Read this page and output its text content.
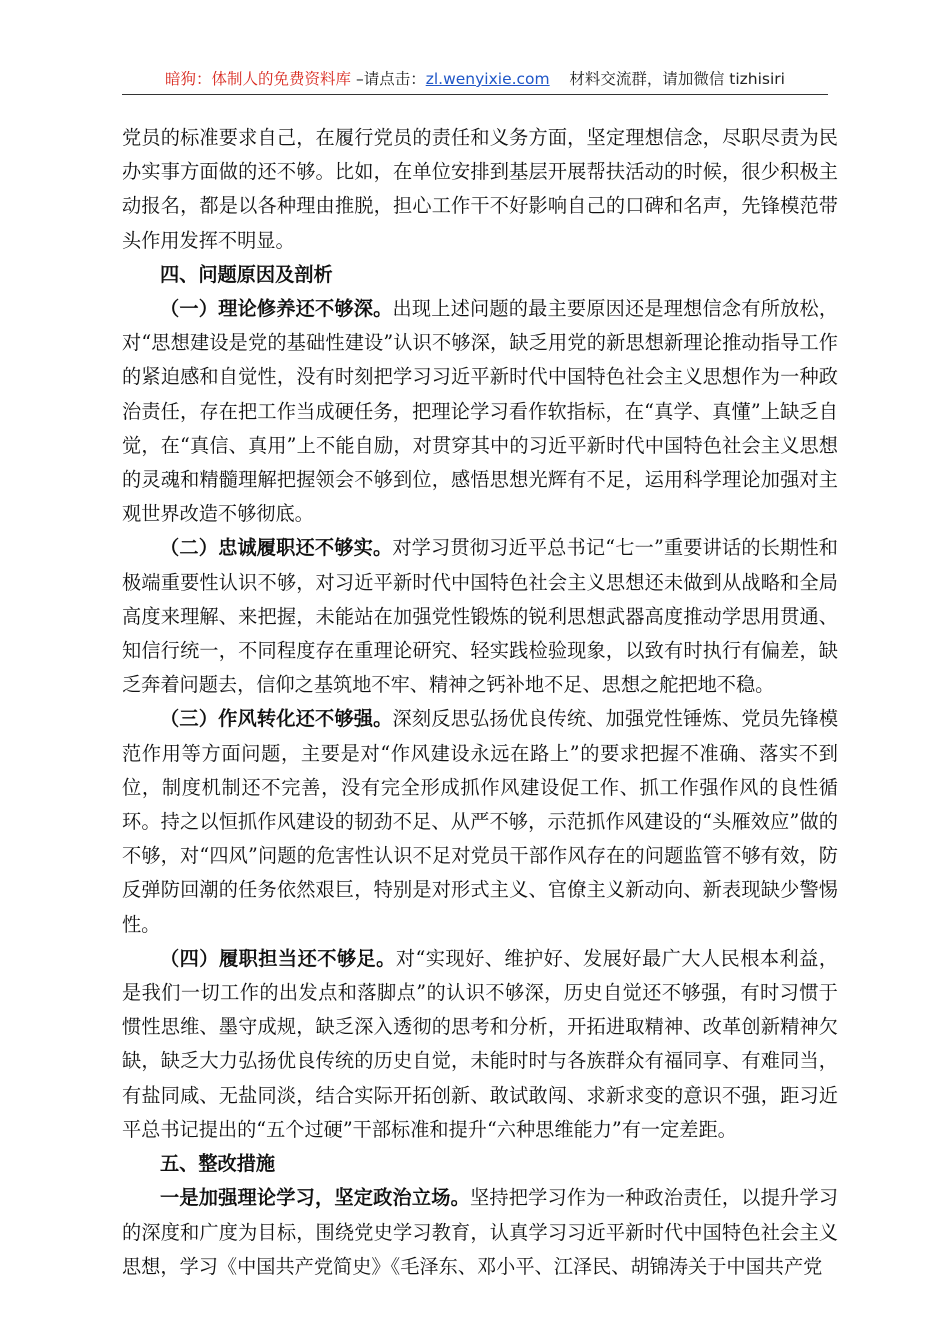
暗狗：体制人的免费资料库 –请点击：zl.wenyixie.com    材料交流群，请加微信 tizhisiri

党员的标准要求自己，在履行党员的责任和义务方面，坚定理想信念，尽职尽责为民办实事方面做的还不够。比如，在单位安排到基层开展帮扶活动的时候，很少积极主动报名，都是以各种理由推脱，担心工作干不好影响自己的口碑和名声，先锋模范带头作用发挥不明显。

四、问题原因及剖析

（一）理论修养还不够深。出现上述问题的最主要原因还是理想信念有所放松，对“思想建设是党的基础性建设”认识不够深，缺乏用党的新思想新理论推动指导工作的紧迫感和自觉性，没有时刻把学习习近平新时代中国特色社会主义思想作为一种政治责任，存在把工作当成硬任务，把理论学习看作软指标，在“真学、真懂”上缺乏自觉，在“真信、真用”上不能自励，对贯穿其中的习近平新时代中国特色社会主义思想的灵魂和精髓理解把握领会不够到位，感悟思想光辉有不足，运用科学理论加强对主观世界改造不够彻底。

（二）忠诚履职还不够实。对学习贯彻习近平总书记“七一”重要讲话的长期性和极端重要性认识不够，对习近平新时代中国特色社会主义思想还未做到从战略和全局高度来理解、来把握，未能站在加强党性锻炼的锐利思想武器高度推动学思用贯通、知信行统一，不同程度存在重理论研究、轻实践检验现象，以致有时执行有偏差，缺乏奔着问题去，信仰之基筑地不牢、精神之钙补地不足、思想之舵把地不稳。

（三）作风转化还不够强。深刻反思弘扬优良传统、加强党性锤炼、党员先锋模范作用等方面问题，主要是对“作风建设永远在路上”的要求把握不准确、落实不到位，制度机制还不完善，没有完全形成抓作风建设促工作、抓工作强作风的良性循环。持之以恒抓作风建设的韧劲不足、从严不够，示范抓作风建设的“头雁效应”做的不够，对“四风”问题的危害性认识不足对党员干部作风存在的问题监管不够有效，防反弹防回潮的任务依然艰巨，特别是对形式主义、官僚主义新动向、新表现缺少警惕性。

（四）履职担当还不够足。对“实现好、维护好、发展好最广大人民根本利益，是我们一切工作的出发点和落脚点”的认识不够深，历史自觉还不够强，有时习惯于惯性思维、墨守成规，缺乏深入透彻的思考和分析，开拓进取精神、改革创新精神欠缺，缺乏大力弘扬优良传统的历史自觉，未能时时与各族群众有福同享、有难同当，有盐同咸、无盐同淡，结合实际开拓创新、敢试敢闯、求新求变的意识不强，距习近平总书记提出的“五个过硬”干部标准和提升“六种思维能力”有一定差距。

五、整改措施

一是加强理论学习，坚定政治立场。坚持把学习作为一种政治责任，以提升学习的深度和广度为目标，围绕党史学习教育，认真学习习近平新时代中国特色社会主义思想，学习《中国共产党简史》《毛泽东、邓小平、江泽民、胡锦涛关于中国共产党
